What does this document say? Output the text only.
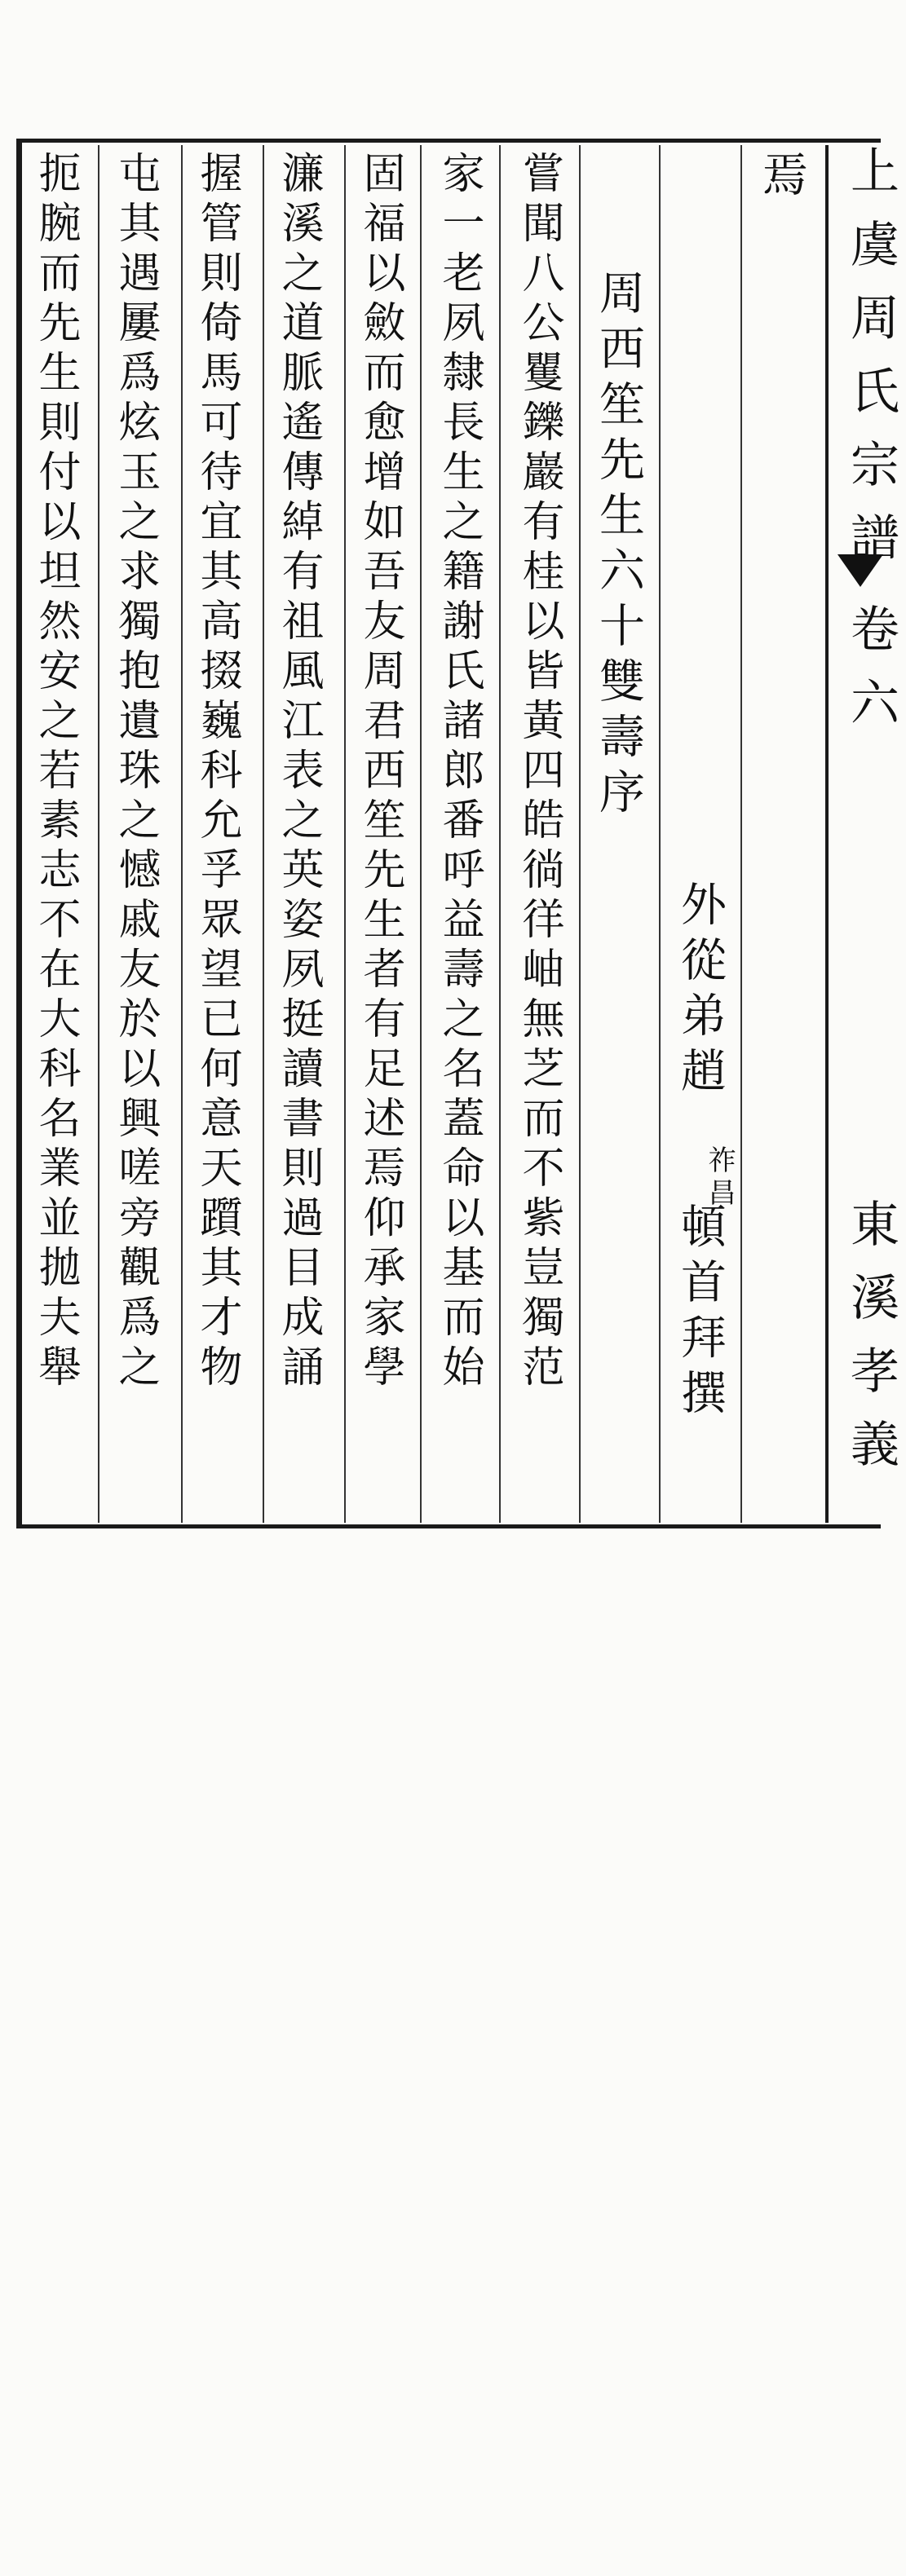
上虞周氏宗譜
卷六
東溪孝義
焉
外從弟趙
祚昌
頓首拜撰
周西笙先生六十雙壽序
嘗聞八公矍鑠巖有桂以皆黃四皓徜徉岫無芝而不紫豈獨范
家一老夙隸長生之籍謝氏諸郎番呼益壽之名蓋命以基而始
固福以斂而愈增如吾友周君西笙先生者有足述焉仰承家學
濂溪之道脈遙傳綽有祖風江表之英姿夙挺讀書則過目成誦
握管則倚馬可待宜其高掇巍科允孚眾望已何意天躓其才物
屯其遇屢爲炫玉之求獨抱遺珠之憾戚友於以興嗟旁觀爲之
扼腕而先生則付以坦然安之若素志不在大科名業並拋夫舉
